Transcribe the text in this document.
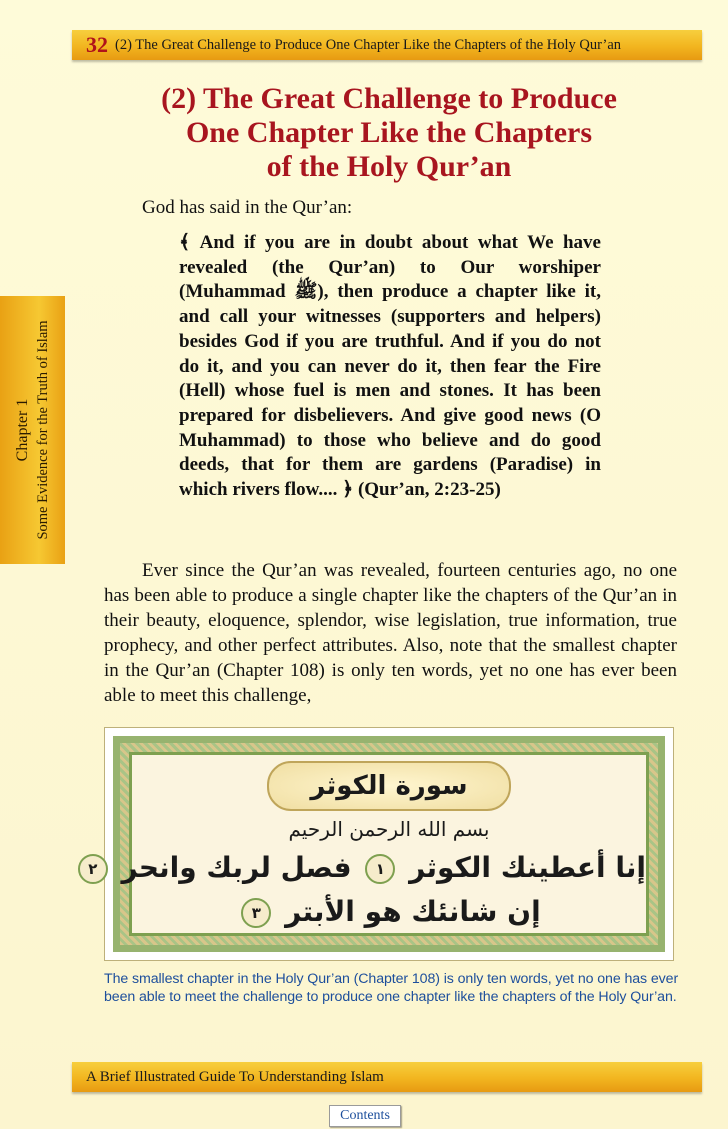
32 (2) The Great Challenge to Produce One Chapter Like the Chapters of the Holy Qur’an
Chapter 1 Some Evidence for the Truth of Islam
(2) The Great Challenge to Produce
One Chapter Like the Chapters
of the Holy Qur’an

God has said in the Qur’an:

﴾ And if you are in doubt about what We have revealed (the Qur’an) to Our worshiper (Muhammad ﷺ), then produce a chapter like it, and call your witnesses (supporters and helpers) besides God if you are truthful. And if you do not do it, and you can never do it, then fear the Fire (Hell) whose fuel is men and stones. It has been prepared for disbelievers. And give good news (O Muhammad) to those who believe and do good deeds, that for them are gardens (Paradise) in which rivers flow.... ﴿ (Qur’an, 2:23-25)

Ever since the Qur’an was revealed, fourteen centuries ago, no one has been able to produce a single chapter like the chapters of the Qur’an in their beauty, eloquence, splendor, wise legislation, true information, true prophecy, and other perfect attributes. Also, note that the smallest chapter in the Qur’an (Chapter 108) is only ten words, yet no one has ever been able to meet this challenge,

سورة الكوثر
بسم الله الرحمن الرحيم
إنا أعطينك الكوثر ١ فصل لربك وانحر ٢
إن شانئك هو الأبتر ٣

The smallest chapter in the Holy Qur’an (Chapter 108) is only ten words, yet no one has ever been able to meet the challenge to produce one chapter like the chapters of the Holy Qur’an.

A Brief Illustrated Guide To Understanding Islam
Contents
